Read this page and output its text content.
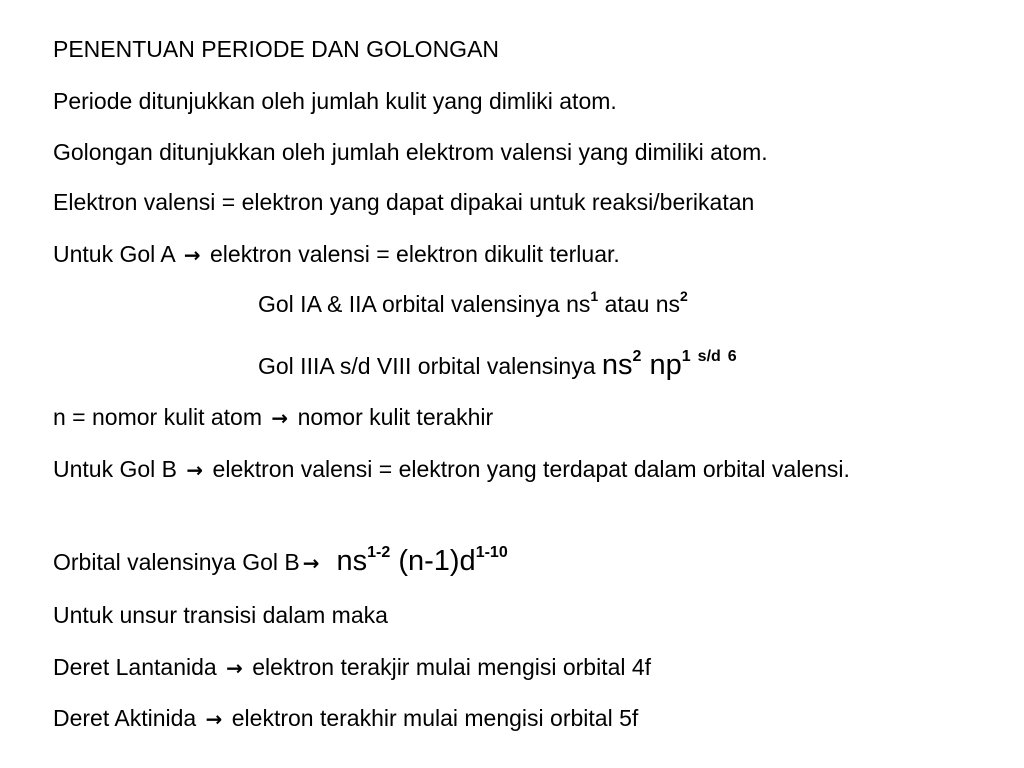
PENENTUAN PERIODE DAN GOLONGAN

Periode ditunjukkan oleh jumlah kulit yang dimliki atom.

Golongan ditunjukkan oleh jumlah elektrom valensi yang dimiliki atom.

Elektron valensi = elektron yang dapat dipakai untuk reaksi/berikatan

Untuk Gol A → elektron valensi = elektron dikulit terluar.

Gol IA & IIA orbital valensinya $ns^1$ atau $ns^2$

Gol IIIA s/d VIII orbital valensinya $ns^2$ $np^1$ $^{s/d}$ $^6$

n = nomor kulit atom → nomor kulit terakhir

Untuk Gol B → elektron valensi = elektron yang terdapat dalam orbital valensi.

Orbital valensinya Gol $B \to ns^{1-2}$ $(n-1)d^{1-10}$

Untuk unsur transisi dalam maka

Deret Lantanida → elektron terakjir mulai mengisi orbital 4f

Deret Aktinida → elektron terakhir mulai mengisi orbital 5f
